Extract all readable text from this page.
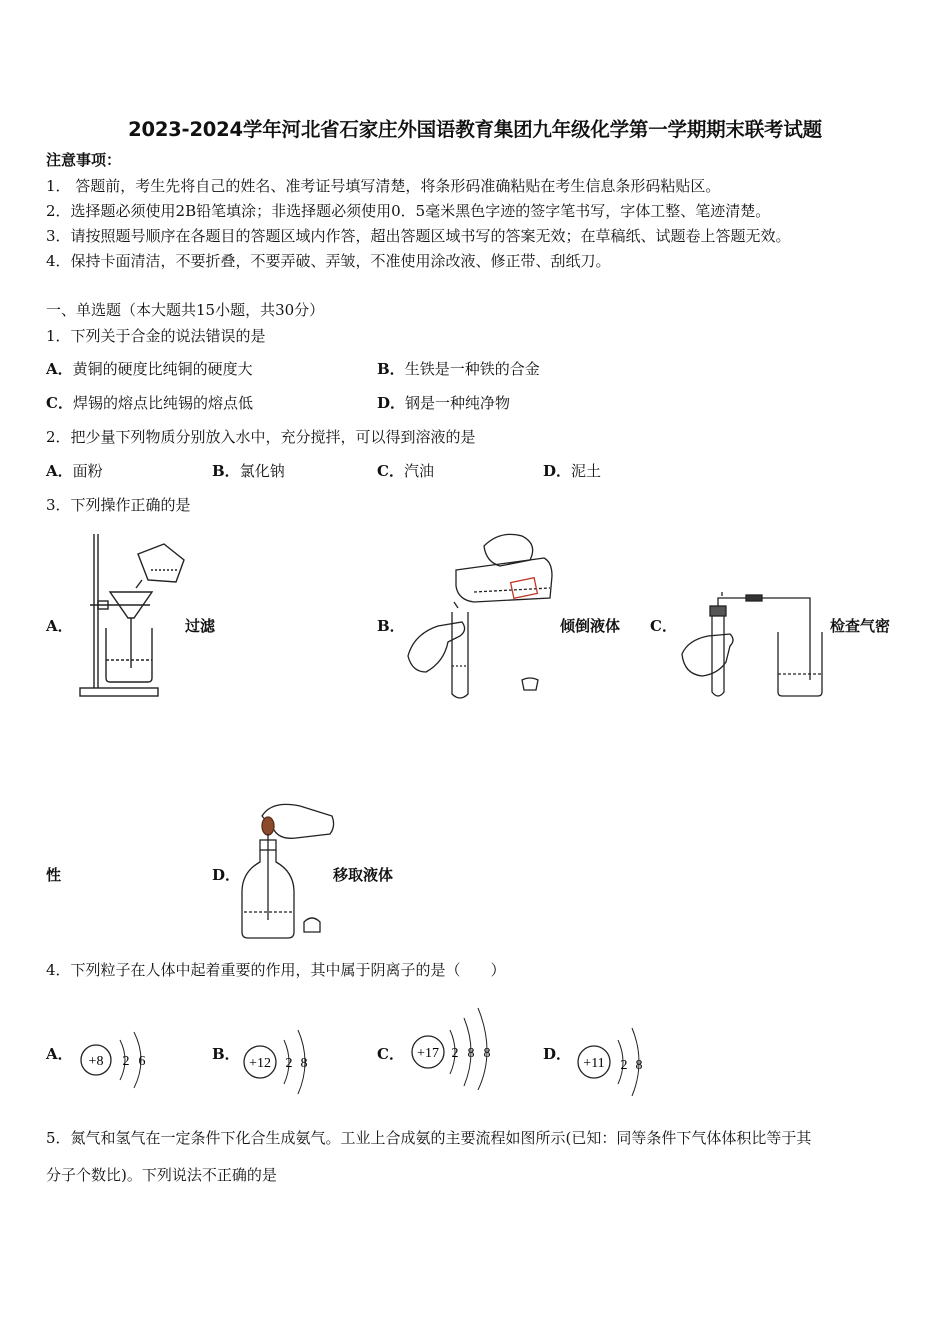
2023-2024学年河北省石家庄外国语教育集团九年级化学第一学期期末联考试题
注意事项：
1． 答题前，考生先将自己的姓名、准考证号填写清楚，将条形码准确粘贴在考生信息条形码粘贴区。
2．选择题必须使用2B铅笔填涂；非选择题必须使用0．5毫米黑色字迹的签字笔书写，字体工整、笔迹清楚。
3．请按照题号顺序在各题目的答题区域内作答，超出答题区域书写的答案无效；在草稿纸、试题卷上答题无效。
4．保持卡面清洁，不要折叠，不要弄破、弄皱，不准使用涂改液、修正带、刮纸刀。
一、单选题（本大题共15小题，共30分）
1．下列关于合金的说法错误的是
A．黄铜的硬度比纯铜的硬度大	B．生铁是一种铁的合金
C．焊锡的熔点比纯锡的熔点低	D．钢是一种纯净物
2．把少量下列物质分别放入水中，充分搅拌，可以得到溶液的是
A．面粉	B．氯化钠	C．汽油	D．泥土
3．下列操作正确的是
A．	过滤	B．	倾倒液体 C．	检查气密
性	D．	移取液体
4．下列粒子在人体中起着重要的作用，其中属于阴离子的是（　　）
A． +8 2 6	B．
+12 2 8
C． +17 2 8 8	D．
+11 2 8
5．氮气和氢气在一定条件下化合生成氨气。工业上合成氨的主要流程如图所示(已知：同等条件下气体体积比等于其
分子个数比)。下列说法不正确的是
